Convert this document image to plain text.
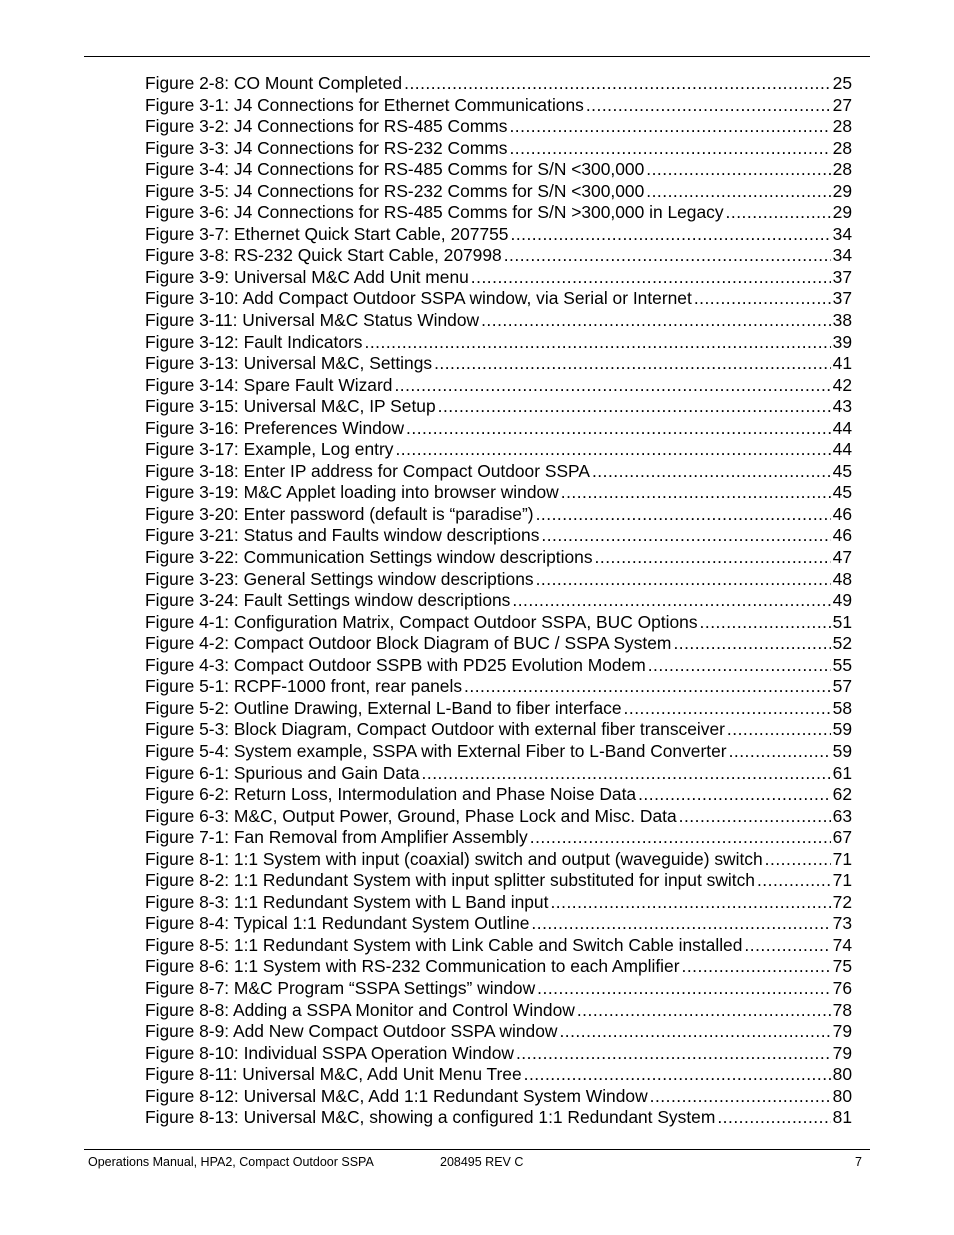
Figure 2-8: CO Mount Completed .....	25
Figure 3-1: J4 Connections for Ethernet Communications .....	27
Figure 3-2: J4 Connections for RS-485 Comms .....	28
Figure 3-3: J4 Connections for RS-232 Comms .....	28
Figure 3-4: J4 Connections for RS-485 Comms for S/N <300,000 .....	28
Figure 3-5: J4 Connections for RS-232 Comms for S/N <300,000 .....	29
Figure 3-6: J4 Connections for RS-485 Comms for S/N >300,000 in Legacy .....	29
Figure 3-7: Ethernet Quick Start Cable, 207755 .....	34
Figure 3-8: RS-232 Quick Start Cable, 207998 .....	34
Figure 3-9: Universal M&C Add Unit menu .....	37
Figure 3-10: Add Compact Outdoor SSPA window, via Serial or Internet .....	37
Figure 3-11: Universal M&C Status Window .....	38
Figure 3-12: Fault Indicators .....	39
Figure 3-13: Universal M&C, Settings .....	41
Figure 3-14: Spare Fault Wizard .....	42
Figure 3-15: Universal M&C, IP Setup .....	43
Figure 3-16: Preferences Window .....	44
Figure 3-17: Example, Log entry .....	44
Figure 3-18: Enter IP address for Compact Outdoor SSPA .....	45
Figure 3-19: M&C Applet loading into browser window .....	45
Figure 3-20: Enter password (default is “paradise”) .....	46
Figure 3-21: Status and Faults window descriptions .....	46
Figure 3-22: Communication Settings window descriptions .....	47
Figure 3-23: General Settings window descriptions .....	48
Figure 3-24: Fault Settings window descriptions .....	49
Figure 4-1: Configuration Matrix, Compact Outdoor SSPA, BUC Options .....	51
Figure 4-2: Compact Outdoor Block Diagram of BUC / SSPA System .....	52
Figure 4-3: Compact Outdoor SSPB with PD25 Evolution Modem .....	55
Figure 5-1: RCPF-1000 front, rear panels .....	57
Figure 5-2: Outline Drawing, External L-Band to fiber interface .....	58
Figure 5-3: Block Diagram, Compact Outdoor with external fiber transceiver .....	59
Figure 5-4: System example, SSPA with External Fiber to L-Band Converter .....	59
Figure 6-1: Spurious and Gain Data .....	61
Figure 6-2: Return Loss, Intermodulation and Phase Noise Data .....	62
Figure 6-3: M&C, Output Power, Ground, Phase Lock and Misc. Data .....	63
Figure 7-1: Fan Removal from Amplifier Assembly .....	67
Figure 8-1: 1:1 System with input (coaxial) switch and output (waveguide) switch .....	71
Figure 8-2: 1:1 Redundant System with input splitter substituted for input switch .....	71
Figure 8-3: 1:1 Redundant System with L Band input .....	72
Figure 8-4: Typical 1:1 Redundant System Outline .....	73
Figure 8-5: 1:1 Redundant System with Link Cable and Switch Cable installed .....	74
Figure 8-6: 1:1 System with RS-232 Communication to each Amplifier .....	75
Figure 8-7: M&C Program “SSPA Settings” window .....	76
Figure 8-8: Adding a SSPA Monitor and Control Window .....	78
Figure 8-9: Add New Compact Outdoor SSPA window .....	79
Figure 8-10: Individual SSPA Operation Window .....	79
Figure 8-11: Universal M&C, Add Unit Menu Tree .....	80
Figure 8-12: Universal M&C, Add 1:1 Redundant System Window .....	80
Figure 8-13: Universal M&C, showing a configured 1:1 Redundant System .....	81
Operations Manual, HPA2, Compact Outdoor SSPA	208495 REV C	7
